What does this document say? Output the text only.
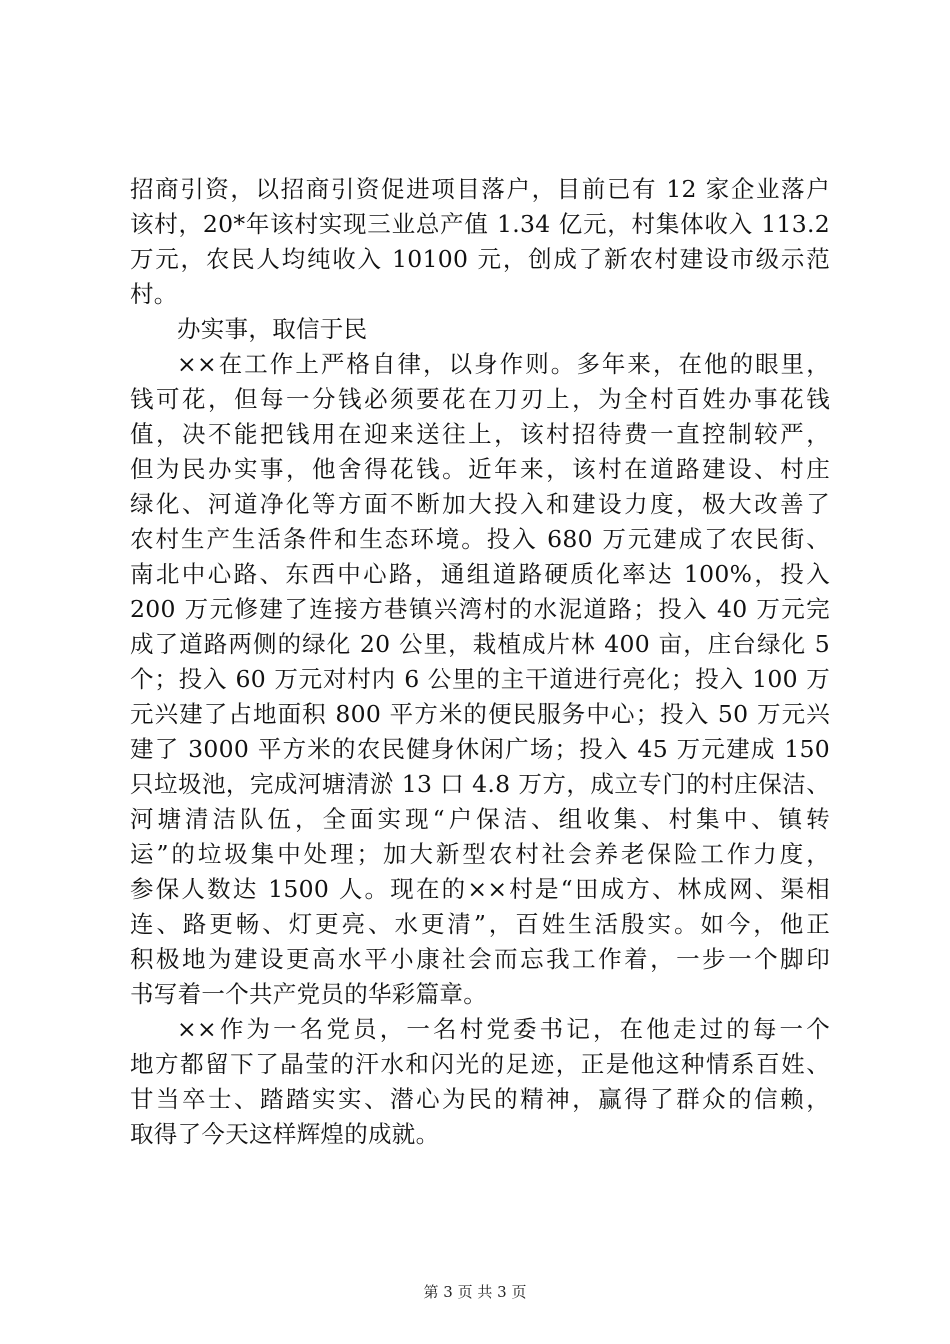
招商引资，以招商引资促进项目落户，目前已有 12 家企业落户
该村，20*年该村实现三业总产值 1.34 亿元，村集体收入 113.2
万元，农民人均纯收入 10100 元，创成了新农村建设市级示范
村。
办实事，取信于民
××在工作上严格自律，以身作则。多年来，在他的眼里，
钱可花，但每一分钱必须要花在刀刃上，为全村百姓办事花钱
值，决不能把钱用在迎来送往上，该村招待费一直控制较严，
但为民办实事，他舍得花钱。近年来，该村在道路建设、村庄
绿化、河道净化等方面不断加大投入和建设力度，极大改善了
农村生产生活条件和生态环境。投入 680 万元建成了农民街、
南北中心路、东西中心路，通组道路硬质化率达 100%，投入
200 万元修建了连接方巷镇兴湾村的水泥道路；投入 40 万元完
成了道路两侧的绿化 20 公里，栽植成片林 400 亩，庄台绿化 5
个；投入 60 万元对村内 6 公里的主干道进行亮化；投入 100 万
元兴建了占地面积 800 平方米的便民服务中心；投入 50 万元兴
建了 3000 平方米的农民健身休闲广场；投入 45 万元建成 150
只垃圾池，完成河塘清淤 13 口 4.8 万方，成立专门的村庄保洁、
河塘清洁队伍，全面实现“户保洁、组收集、村集中、镇转
运”的垃圾集中处理；加大新型农村社会养老保险工作力度，
参保人数达 1500 人。现在的××村是“田成方、林成网、渠相
连、路更畅、灯更亮、水更清”，百姓生活殷实。如今，他正
积极地为建设更高水平小康社会而忘我工作着，一步一个脚印
书写着一个共产党员的华彩篇章。
××作为一名党员，一名村党委书记，在他走过的每一个
地方都留下了晶莹的汗水和闪光的足迹，正是他这种情系百姓、
甘当卒士、踏踏实实、潜心为民的精神，赢得了群众的信赖，
取得了今天这样辉煌的成就。
第 3 页 共 3 页
